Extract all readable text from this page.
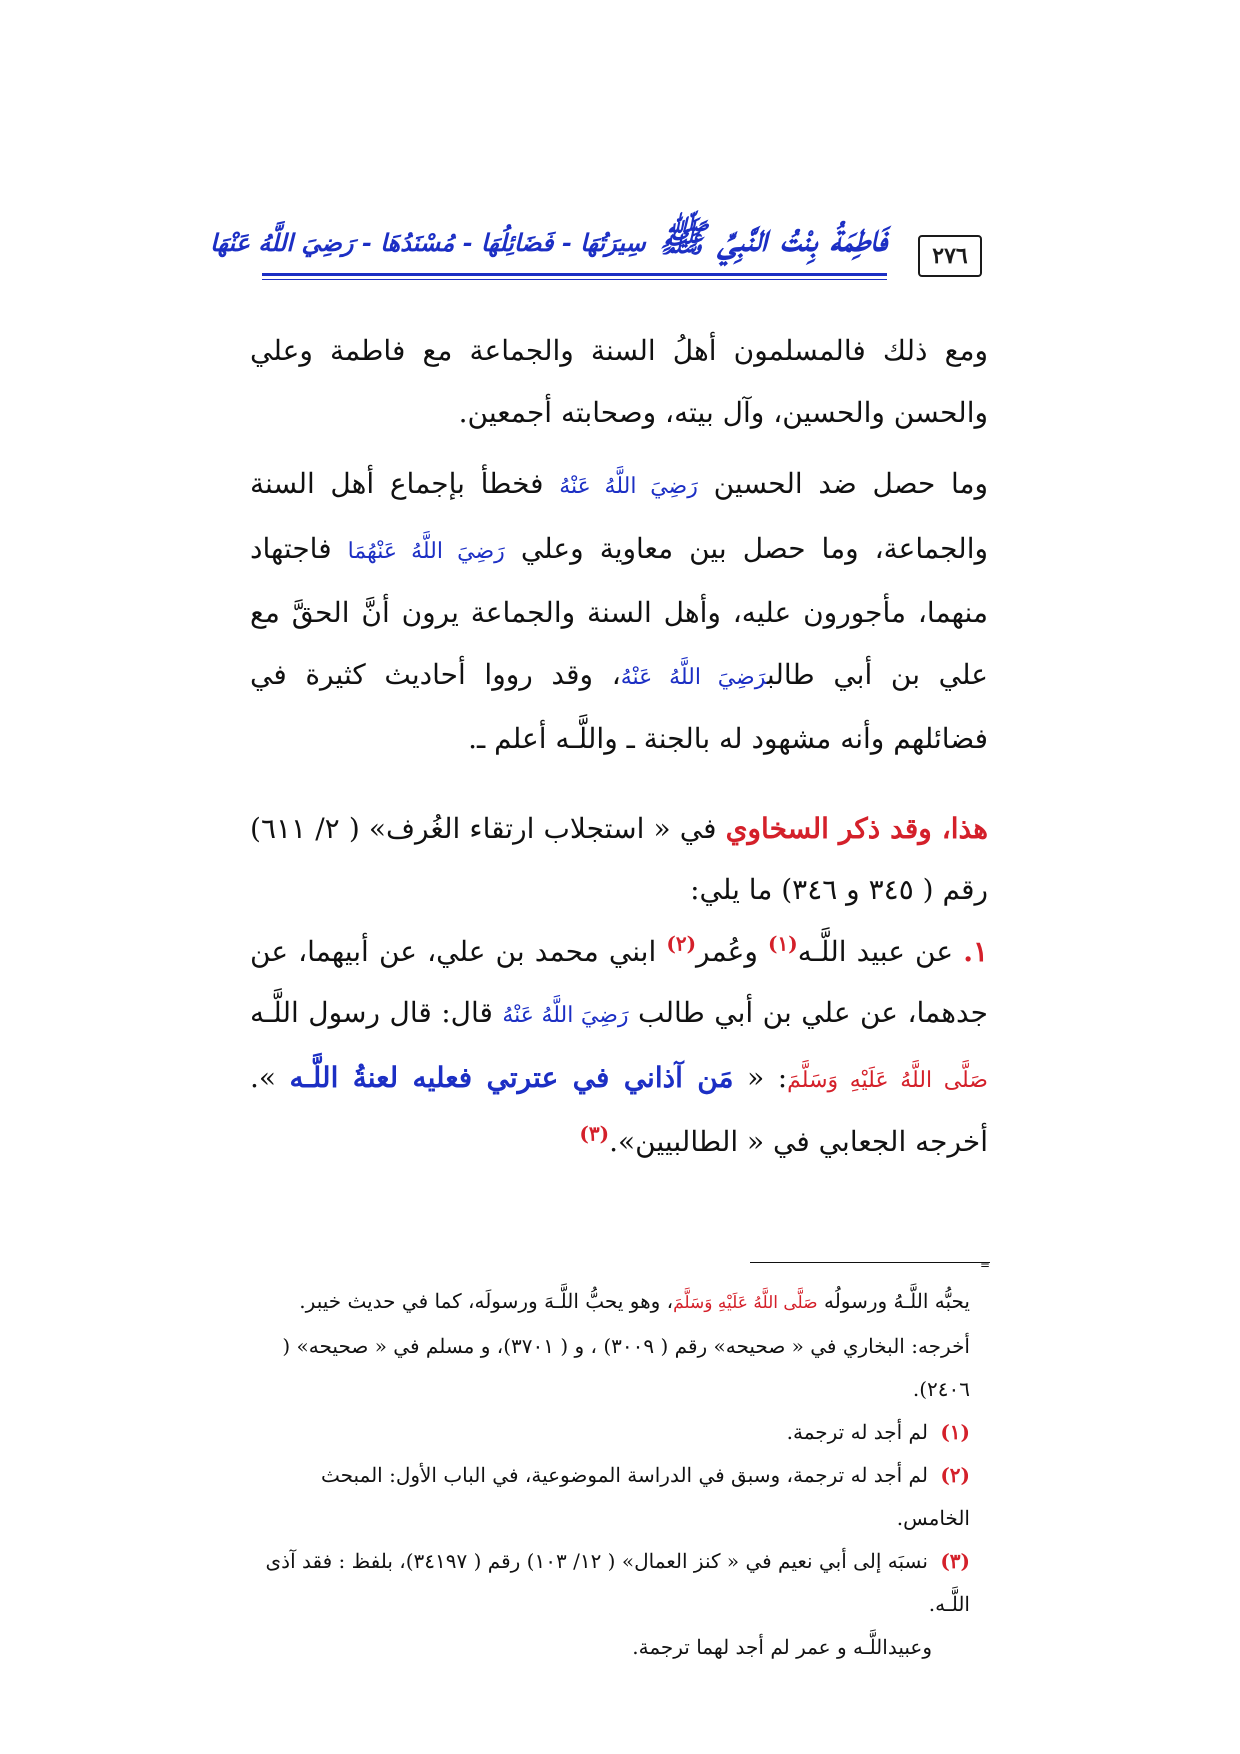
٢٧٦
فَاطِمَةُ بِنْتُ النَّبِيِّ ﷺ سِيرَتُهَا - فَضَائِلُهَا - مُسْنَدُهَا - رَضِيَ اللَّهُ عَنْهَا

ومع ذلك فالمسلمون أهلُ السنة والجماعة مع فاطمة وعلي والحسن والحسين، وآل بيته، وصحابته أجمعين.

وما حصل ضد الحسين رَضِيَ اللَّهُ عَنْهُ فخطأ بإجماع أهل السنة والجماعة، وما حصل بين معاوية وعلي رَضِيَ اللَّهُ عَنْهُمَا فاجتهاد منهما، مأجورون عليه، وأهل السنة والجماعة يرون أنَّ الحقَّ مع علي بن أبي طالبرَضِيَ اللَّهُ عَنْهُ، وقد رووا أحاديث كثيرة في فضائلهم وأنه مشهود له بالجنة ـ واللَّـه أعلم ـ.

هذا، وقد ذكر السخاوي في « استجلاب ارتقاء الغُرف» ( ٢/ ٦١١) رقم ( ٣٤٥ و ٣٤٦) ما يلي:

١. عن عبيد اللَّـه$^{(١)}$ وعُمر$^{(٢)}$ ابني محمد بن علي، عن أبيهما، عن جدهما، عن علي بن أبي طالب رَضِيَ اللَّهُ عَنْهُ قال: قال رسول اللَّـه صَلَّى اللَّهُ عَلَيْهِ وَسَلَّمَ: « مَن آذاني في عترتي فعليه لعنةُ اللَّـه ». أخرجه الجعابي في « الطالبيين».$^{(٣)}$

=

يحبُّه اللَّـهُ ورسولُه صَلَّى اللَّهُ عَلَيْهِ وَسَلَّمَ، وهو يحبُّ اللَّـهَ ورسولَه، كما في حديث خيبر. أخرجه: البخاري في « صحيحه» رقم ( ٣٠٠٩) ، و ( ٣٧٠١)، و مسلم في « صحيحه» ( ٢٤٠٦).

(١) لم أجد له ترجمة.

(٢) لم أجد له ترجمة، وسبق في الدراسة الموضوعية، في الباب الأول: المبحث الخامس.

(٣) نسبَه إلى أبي نعيم في « كنز العمال» ( ١٢/ ١٠٣) رقم ( ٣٤١٩٧)، بلفظ : فقد آذى اللَّـه.

وعبيداللَّـه و عمر لم أجد لهما ترجمة.
